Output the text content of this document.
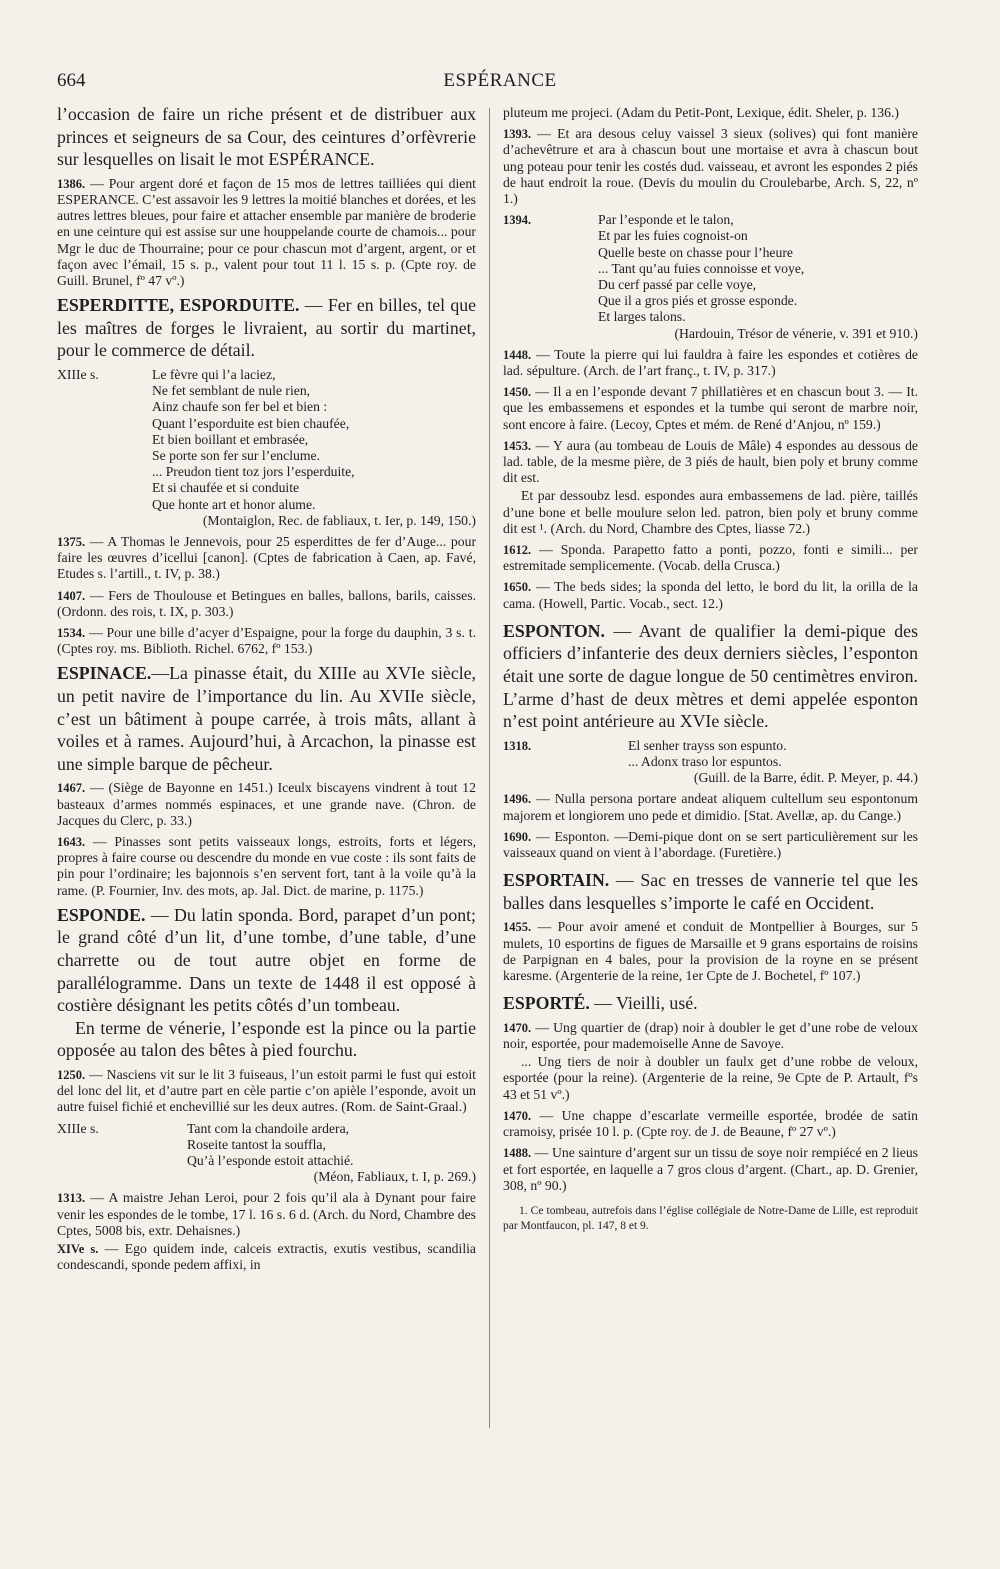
664	ESPÉRANCE

l’occasion de faire un riche présent et de distribuer aux princes et seigneurs de sa Cour, des ceintures d’orfèvrerie sur lesquelles on lisait le mot ESPÉRANCE.

1386. — Pour argent doré et façon de 15 mos de lettres tailliées qui dient ESPERANCE. C’est assavoir les 9 lettres la moitié blanches et dorées, et les autres lettres bleues, pour faire et attacher ensemble par manière de broderie en une ceinture qui est assise sur une houppelande courte de chamois... pour Mgr le duc de Thourraine; pour ce pour chascun mot d’argent, argent, or et façon avec l’émail, 15 s. p., valent pour tout 11 l. 15 s. p. (Cpte roy. de Guill. Brunel, fº 47 vº.)

ESPERDITTE, ESPORDUITE. — Fer en billes, tel que les maîtres de forges le livraient, au sortir du martinet, pour le commerce de détail.

XIIIe s.	Le fèvre qui l’a laciez,
Ne fet semblant de nule rien,
Ainz chaufe son fer bel et bien :
Quant l’esporduite est bien chaufée,
Et bien boillant et embrasée,
Se porte son fer sur l’enclume.
... Preudon tient toz jors l’esperduite,
Et si chaufée et si conduite
Que honte art et honor alume.
(Montaiglon, Rec. de fabliaux, t. Ier, p. 149, 150.)

1375. — A Thomas le Jennevois, pour 25 esperdittes de fer d’Auge... pour faire les œuvres d’icellui [canon]. (Cptes de fabrication à Caen, ap. Favé, Etudes s. l’artill., t. IV, p. 38.)

1407. — Fers de Thoulouse et Betingues en balles, ballons, barils, caisses. (Ordonn. des rois, t. IX, p. 303.)

1534. — Pour une bille d’acyer d’Espaigne, pour la forge du dauphin, 3 s. t. (Cptes roy. ms. Biblioth. Richel. 6762, fº 153.)

ESPINACE.—La pinasse était, du XIIIe au XVIe siècle, un petit navire de l’importance du lin. Au XVIIe siècle, c’est un bâtiment à poupe carrée, à trois mâts, allant à voiles et à rames. Aujourd’hui, à Arcachon, la pinasse est une simple barque de pêcheur.

1467. — (Siège de Bayonne en 1451.) Iceulx biscayens vindrent à tout 12 basteaux d’armes nommés espinaces, et une grande nave. (Chron. de Jacques du Clerc, p. 33.)

1643. — Pinasses sont petits vaisseaux longs, estroits, forts et légers, propres à faire course ou descendre du monde en vue coste : ils sont faits de pin pour l’ordinaire; les bajonnois s’en servent fort, tant à la voile qu’à la rame. (P. Fournier, Inv. des mots, ap. Jal. Dict. de marine, p. 1175.)

ESPONDE. — Du latin sponda. Bord, parapet d’un pont; le grand côté d’un lit, d’une tombe, d’une table, d’une charrette ou de tout autre objet en forme de parallélogramme. Dans un texte de 1448 il est opposé à costière désignant les petits côtés d’un tombeau.

En terme de vénerie, l’esponde est la pince ou la partie opposée au talon des bêtes à pied fourchu.

1250. — Nasciens vit sur le lit 3 fuiseaus, l’un estoit parmi le fust qui estoit del lonc del lit, et d’autre part en cèle partie c’on apièle l’esponde, avoit un autre fuisel fichié et enchevillié sur les deux autres. (Rom. de Saint-Graal.)

XIIIe s.	Tant com la chandoile ardera,
Roseite tantost la souffla,
Qu’à l’esponde estoit attachié.
(Méon, Fabliaux, t. I, p. 269.)

1313. — A maistre Jehan Leroi, pour 2 fois qu’il ala à Dynant pour faire venir les espondes de le tombe, 17 l. 16 s. 6 d. (Arch. du Nord, Chambre des Cptes, 5008 bis, extr. Dehaisnes.)

XIVe s. — Ego quidem inde, calceis extractis, exutis vestibus, scandilia condescandi, sponde pedem affixi, in

pluteum me projeci. (Adam du Petit-Pont, Lexique, édit. Sheler, p. 136.)

1393. — Et ara desous celuy vaissel 3 sieux (solives) qui font manière d’achevêtrure et ara à chascun bout une mortaise et avra à chascun bout ung poteau pour tenir les costés dud. vaisseau, et avront les espondes 2 piés de haut endroit la roue. (Devis du moulin du Croulebarbe, Arch. S, 22, nº 1.)

1394.	Par l’esponde et le talon,
Et par les fuies cognoist-on
Quelle beste on chasse pour l’heure
... Tant qu’au fuies connoisse et voye,
Du cerf passé par celle voye,
Que il a gros piés et grosse esponde.
Et larges talons.
(Hardouin, Trésor de vénerie, v. 391 et 910.)

1448. — Toute la pierre qui lui fauldra à faire les espondes et cotières de lad. sépulture. (Arch. de l’art franç., t. IV, p. 317.)

1450. — Il a en l’esponde devant 7 phillatières et en chascun bout 3. — It. que les embassemens et espondes et la tumbe qui seront de marbre noir, sont encore à faire. (Lecoy, Cptes et mém. de René d’Anjou, nº 159.)

1453. — Y aura (au tombeau de Louis de Mâle) 4 espondes au dessous de lad. table, de la mesme pière, de 3 piés de hault, bien poly et bruny comme dit est.

Et par dessoubz lesd. espondes aura embassemens de lad. pière, taillés d’une bone et belle moulure selon led. patron, bien poly et bruny comme dit est ¹. (Arch. du Nord, Chambre des Cptes, liasse 72.)

1612. — Sponda. Parapetto fatto a ponti, pozzo, fonti e simili... per estremitade semplicemente. (Vocab. della Crusca.)

1650. — The beds sides; la sponda del letto, le bord du lit, la orilla de la cama. (Howell, Partic. Vocab., sect. 12.)

ESPONTON. — Avant de qualifier la demi-pique des officiers d’infanterie des deux derniers siècles, l’esponton était une sorte de dague longue de 50 centimètres environ. L’arme d’hast de deux mètres et demi appelée esponton n’est point antérieure au XVIe siècle.

1318.	El senher trayss son espunto.
... Adonx traso lor espuntos.
(Guill. de la Barre, édit. P. Meyer, p. 44.)

1496. — Nulla persona portare andeat aliquem cultellum seu espontonum majorem et longiorem uno pede et dimidio. [Stat. Avellæ, ap. du Cange.)

1690. — Esponton. —Demi-pique dont on se sert particulièrement sur les vaisseaux quand on vient à l’abordage. (Furetière.)

ESPORTAIN. — Sac en tresses de vannerie tel que les balles dans lesquelles s’importe le café en Occident.

1455. — Pour avoir amené et conduit de Montpellier à Bourges, sur 5 mulets, 10 esportins de figues de Marsaille et 9 grans esportains de roisins de Parpignan en 4 bales, pour la provision de la royne en se présent karesme. (Argenterie de la reine, 1er Cpte de J. Bochetel, fº 107.)

ESPORTÉ. — Vieilli, usé.

1470. — Ung quartier de (drap) noir à doubler le get d’une robe de veloux noir, esportée, pour mademoiselle Anne de Savoye.

... Ung tiers de noir à doubler un faulx get d’une robbe de veloux, esportée (pour la reine). (Argenterie de la reine, 9e Cpte de P. Artault, fºs 43 et 51 vº.)

1470. — Une chappe d’escarlate vermeille esportée, brodée de satin cramoisy, prisée 10 l. p. (Cpte roy. de J. de Beaune, fº 27 vº.)

1488. — Une sainture d’argent sur un tissu de soye noir rempiécé en 2 lieus et fort esportée, en laquelle a 7 gros clous d’argent. (Chart., ap. D. Grenier, 308, nº 90.)

1. Ce tombeau, autrefois dans l’église collégiale de Notre-Dame de Lille, est reproduit par Montfaucon, pl. 147, 8 et 9.
